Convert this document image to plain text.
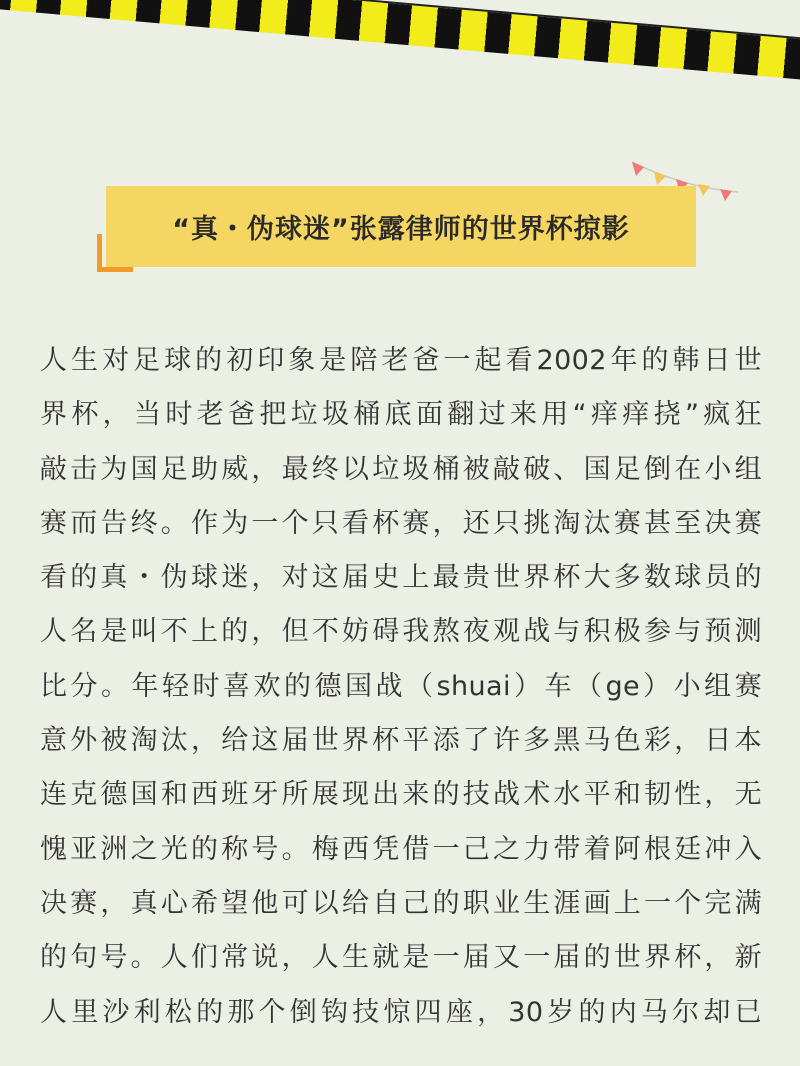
“真・伪球迷”张露律师的世界杯掠影
人生对足球的初印象是陪老爸一起看2002年的韩日世
界杯，当时老爸把垃圾桶底面翻过来用“痒痒挠”疯狂
敲击为国足助威，最终以垃圾桶被敲破、国足倒在小组
赛而告终。作为一个只看杯赛，还只挑淘汰赛甚至决赛
看的真・伪球迷，对这届史上最贵世界杯大多数球员的
人名是叫不上的，但不妨碍我熬夜观战与积极参与预测
比分。年轻时喜欢的德国战（shuai）车（ge）小组赛
意外被淘汰，给这届世界杯平添了许多黑马色彩，日本
连克德国和西班牙所展现出来的技战术水平和韧性，无
愧亚洲之光的称号。梅西凭借一己之力带着阿根廷冲入
决赛，真心希望他可以给自己的职业生涯画上一个完满
的句号。人们常说，人生就是一届又一届的世界杯，新
人里沙利松的那个倒钩技惊四座，30岁的内马尔却已
